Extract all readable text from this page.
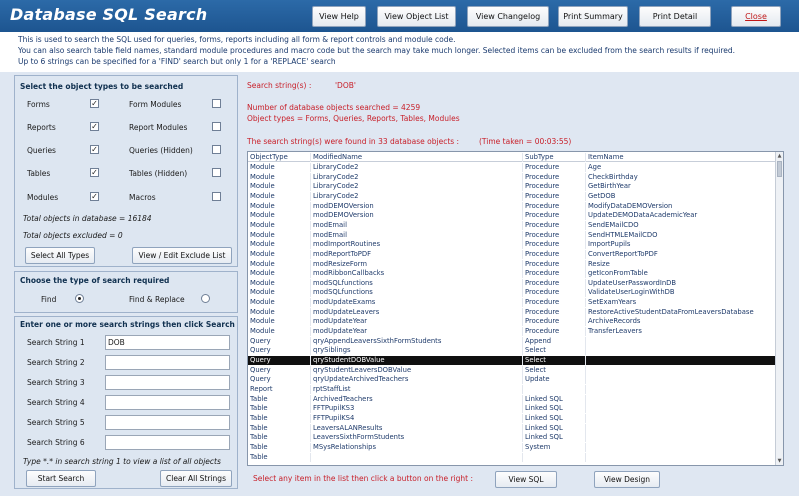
Database SQL Search	View Help	View Object List	View Changelog	Print Summary	Print Detail	Close

This is used to search the SQL used for queries, forms, reports including all form & report controls and module code.

You can also search table field names, standard module procedures and macro code but the search may take much longer. Selected items can be excluded from the search results if required.

Up to 6 strings can be specified for a 'FIND' search but only 1 for a 'REPLACE' search

Select the object types to be searched
Forms	✓	Form Modules
Reports	✓	Report Modules
Queries	✓	Queries (Hidden)
Tables	✓	Tables (Hidden)
Modules	✓	Macros
Total objects in database = 16184
Total objects excluded = 0
Select All Types	View / Edit Exclude List
Choose the type of search required
Find	Find & Replace
Enter one or more search strings then click Search
Search String 1	DOB
Search String 2
Search String 3
Search String 4
Search String 5
Search String 6
Type *.* in search string 1 to view a list of all objects
Start Search	Clear All Strings
Search string(s) :	'DOB'
Number of database objects searched = 4259
Object types = Forms, Queries, Reports, Tables, Modules
The search string(s) were found in 33 database objects :	(Time taken = 00:03:55)
ObjectType	ModifiedName	SubType	ItemName
Module	LibraryCode2	Procedure	Age
Module	LibraryCode2	Procedure	CheckBirthday
Module	LibraryCode2	Procedure	GetBirthYear
Module	LibraryCode2	Procedure	GetDOB
Module	modDEMOVersion	Procedure	ModifyDataDEMOVersion
Module	modDEMOVersion	Procedure	UpdateDEMODataAcademicYear
Module	modEmail	Procedure	SendEMailCDO
Module	modEmail	Procedure	SendHTMLEMailCDO
Module	modImportRoutines	Procedure	ImportPupils
Module	modReportToPDF	Procedure	ConvertReportToPDF
Module	modResizeForm	Procedure	Resize
Module	modRibbonCallbacks	Procedure	getIconFromTable
Module	modSQLfunctions	Procedure	UpdateUserPasswordInDB
Module	modSQLfunctions	Procedure	ValidateUserLoginWithDB
Module	modUpdateExams	Procedure	SetExamYears
Module	modUpdateLeavers	Procedure	RestoreActiveStudentDataFromLeaversDatabase
Module	modUpdateYear	Procedure	ArchiveRecords
Module	modUpdateYear	Procedure	TransferLeavers
Query	qryAppendLeaversSixthFormStudents	Append
Query	qrySiblings	Select
Query	qryStudentDOBValue	Select
Query	qryStudentLeaversDOBValue	Select
Query	qryUpdateArchivedTeachers	Update
Report	rptStaffList
Table	ArchivedTeachers	Linked SQL
Table	FFTPupilKS3	Linked SQL
Table	FFTPupilKS4	Linked SQL
Table	LeaversALANResults	Linked SQL
Table	LeaversSixthFormStudents	Linked SQL
Table	MSysRelationships	System
Table
▲
▼
Select any item in the list then click a button on the right :	View SQL	View Design
